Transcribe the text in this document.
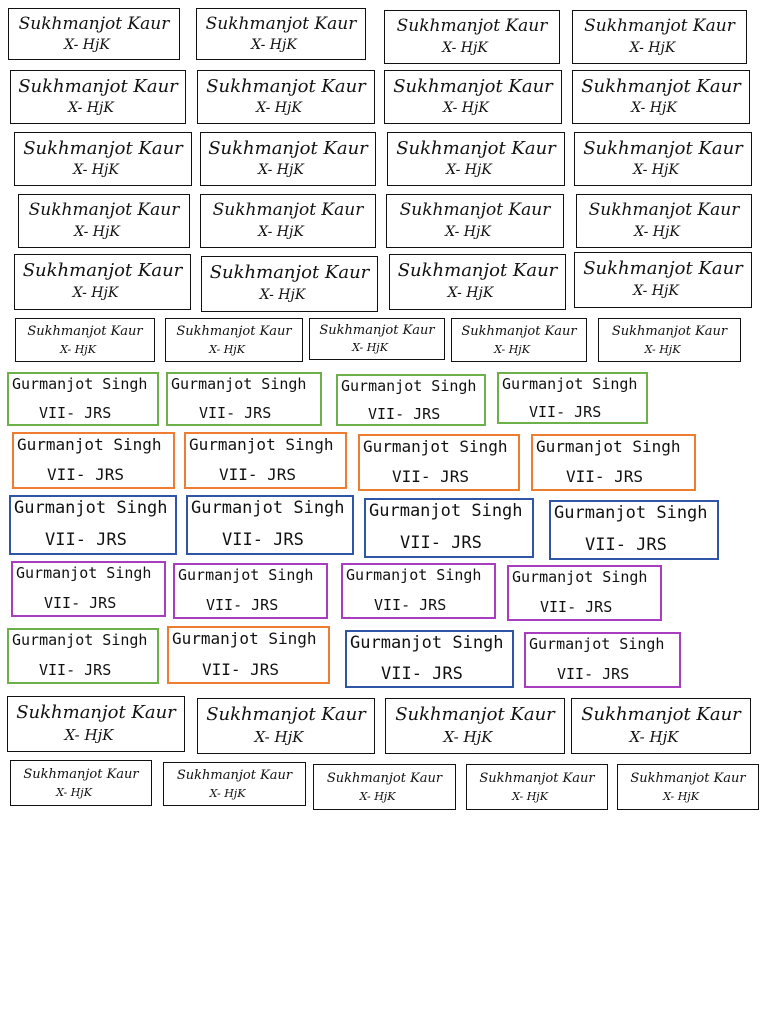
Sukhmanjot Kaur
X- HjK
Sukhmanjot Kaur
X- HjK
Sukhmanjot Kaur
X- HjK
Sukhmanjot Kaur
X- HjK
Sukhmanjot Kaur
X- HjK
Sukhmanjot Kaur
X- HjK
Sukhmanjot Kaur
X- HjK
Sukhmanjot Kaur
X- HjK
Sukhmanjot Kaur
X- HjK
Sukhmanjot Kaur
X- HjK
Sukhmanjot Kaur
X- HjK
Sukhmanjot Kaur
X- HjK
Sukhmanjot Kaur
X- HjK
Sukhmanjot Kaur
X- HjK
Sukhmanjot Kaur
X- HjK
Sukhmanjot Kaur
X- HjK
Sukhmanjot Kaur
X- HjK
Sukhmanjot Kaur
X- HjK
Sukhmanjot Kaur
X- HjK
Sukhmanjot Kaur
X- HjK
Sukhmanjot Kaur
X- HjK
Sukhmanjot Kaur
X- HjK
Sukhmanjot Kaur
X- HjK
Sukhmanjot Kaur
X- HjK
Sukhmanjot Kaur
X- HjK
Sukhmanjot Kaur
X- HjK
Sukhmanjot Kaur
X- HjK
Sukhmanjot Kaur
X- HjK
Sukhmanjot Kaur
X- HjK
Sukhmanjot Kaur
X- HjK
Sukhmanjot Kaur
X- HjK
Sukhmanjot Kaur
X- HjK
Sukhmanjot Kaur
X- HjK
Sukhmanjot Kaur
X- HjK
Gurmanjot Singh
VII- JRS
Gurmanjot Singh
VII- JRS
Gurmanjot Singh
VII- JRS
Gurmanjot Singh
VII- JRS
Gurmanjot Singh
VII- JRS
Gurmanjot Singh
VII- JRS
Gurmanjot Singh
VII- JRS
Gurmanjot Singh
VII- JRS
Gurmanjot Singh
VII- JRS
Gurmanjot Singh
VII- JRS
Gurmanjot Singh
VII- JRS
Gurmanjot Singh
VII- JRS
Gurmanjot Singh
VII- JRS
Gurmanjot Singh
VII- JRS
Gurmanjot Singh
VII- JRS
Gurmanjot Singh
VII- JRS
Gurmanjot Singh
VII- JRS
Gurmanjot Singh
VII- JRS
Gurmanjot Singh
VII- JRS
Gurmanjot Singh
VII- JRS
